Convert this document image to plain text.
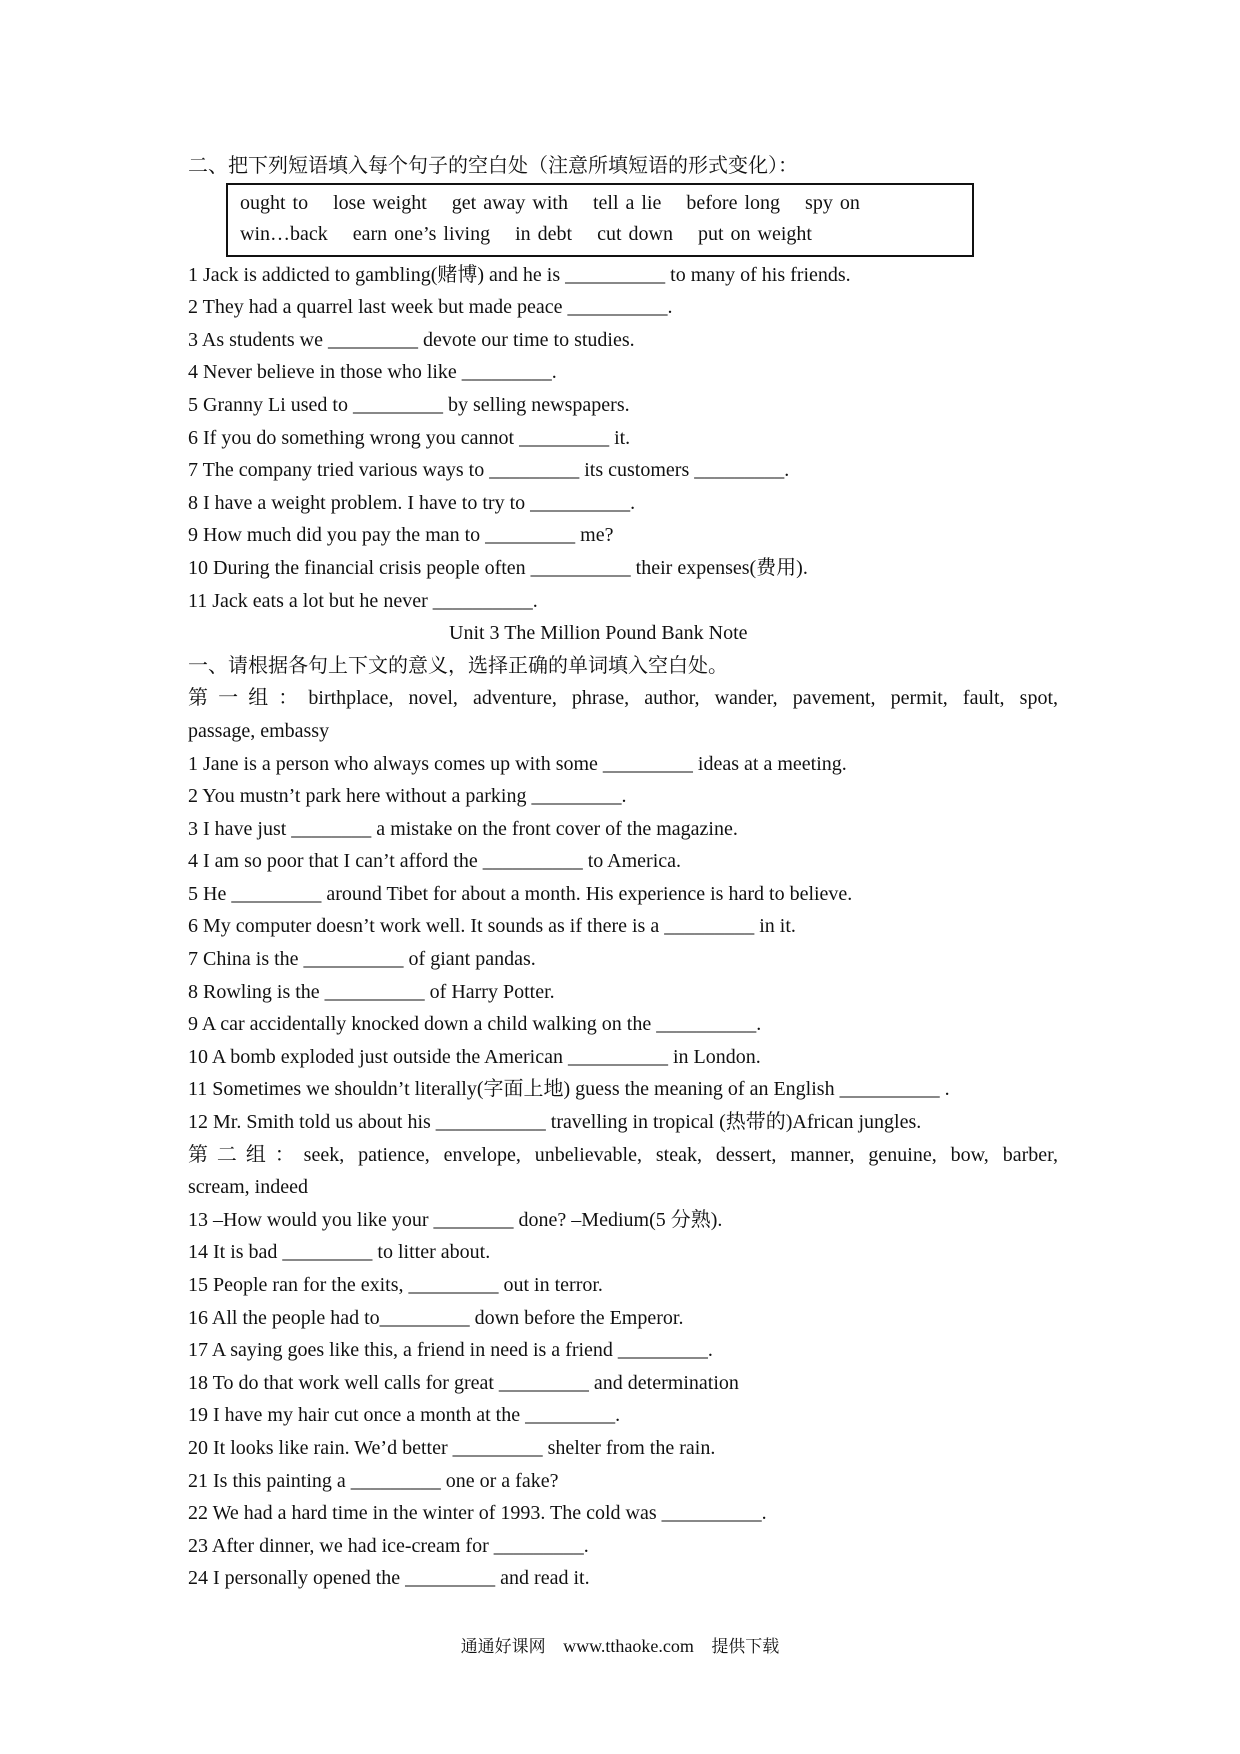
二、把下列短语填入每个句子的空白处（注意所填短语的形式变化）：
ought to lose weight get away with tell a lie before long spy on
win…back earn one’s living in debt cut down put on weight

1 Jack is addicted to gambling(赌博) and he is __________ to many of his friends.

2 They had a quarrel last week but made peace __________.

3 As students we _________ devote our time to studies.

4 Never believe in those who like _________.

5 Granny Li used to _________ by selling newspapers.

6 If you do something wrong you cannot _________ it.

7 The company tried various ways to _________ its customers _________.

8 I have a weight problem. I have to try to __________.

9 How much did you pay the man to _________ me?

10 During the financial crisis people often __________ their expenses(费用).

11 Jack eats a lot but he never __________.

Unit 3 The Million Pound Bank Note

一、请根据各句上下文的意义，选择正确的单词填入空白处。

第一组：birthplace, novel, adventure, phrase, author, wander, pavement, permit, fault, spot,
passage, embassy

1 Jane is a person who always comes up with some _________ ideas at a meeting.

2 You mustn’t park here without a parking _________.

3 I have just ________ a mistake on the front cover of the magazine.

4 I am so poor that I can’t afford the __________ to America.

5 He _________ around Tibet for about a month. His experience is hard to believe.

6 My computer doesn’t work well. It sounds as if there is a _________ in it.

7 China is the __________ of giant pandas.

8 Rowling is the __________ of Harry Potter.

9 A car accidentally knocked down a child walking on the __________.

10 A bomb exploded just outside the American __________ in London.

11 Sometimes we shouldn’t literally(字面上地) guess the meaning of an English __________ .

12 Mr. Smith told us about his ___________ travelling in tropical (热带的)African jungles.

第二组：seek, patience, envelope, unbelievable, steak, dessert, manner, genuine, bow, barber,
scream, indeed

13 –How would you like your ________ done? –Medium(5 分熟).

14 It is bad _________ to litter about.

15 People ran for the exits, _________ out in terror.

16 All the people had to_________ down before the Emperor.

17 A saying goes like this, a friend in need is a friend _________.

18 To do that work well calls for great _________ and determination

19 I have my hair cut once a month at the _________.

20 It looks like rain. We’d better _________ shelter from the rain.

21 Is this painting a _________ one or a fake?

22 We had a hard time in the winter of 1993. The cold was __________.

23 After dinner, we had ice-cream for _________.

24 I personally opened the _________ and read it.

通通好课网 www.tthaoke.com 提供下载
